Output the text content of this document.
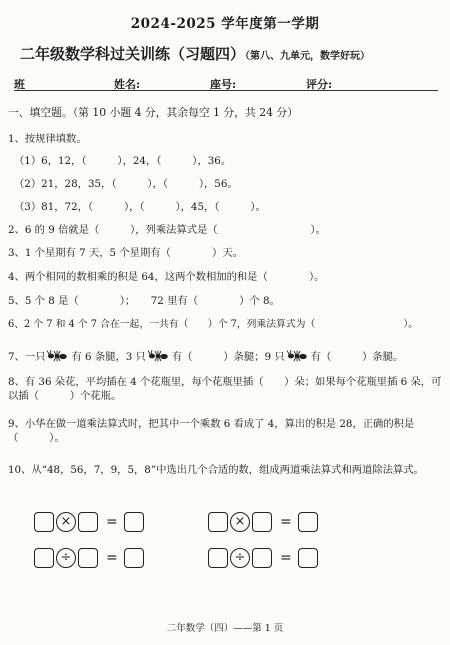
2024-2025 学年度第一学期
二年级数学科过关训练（习题四）（第八、九单元，数学好玩）
班	姓名:	座号:	评分:
一、填空题。（第 10 小题 4 分，其余每空 1 分，共 24 分）
1、按规律填数。
（1）6，12，（　　　），24，（　　　），36。
（2）21，28，35，（　　　），（　　　），56。
（3）81，72，（　　　），（　　　），45，（　　　）。
2、6 的 9 倍就是（　　　），列乘法算式是（　　　　　　　　　）。
3、1 个星期有 7 天，5 个星期有（　　　　）天。
4、两个相同的数相乘的积是 64，这两个数相加的和是（　　　　）。
5、5 个 8 是（　　　　）；　　72 里有（　　　　）个 8。
6、2 个 7 和 4 个 7 合在一起，一共有（　　）个 7，列乘法算式为（　　　　　　　　　）。
7、一只	有 6 条腿，3 只	有（　　　）条腿；9 只	有（　　　）条腿。
8、有 36 朵花，平均插在 4 个花瓶里，每个花瓶里插（　　）朵；如果每个花瓶里插 6 朵，可以插（　　　）个花瓶。
9、小华在做一道乘法算式时，把其中一个乘数 6 看成了 4，算出的积是 28，正确的积是（　　　）。
10、从“48，56，7，9，5，8”中选出几个合适的数，组成两道乘法算式和两道除法算式。
×	=	×	=
÷	=	÷	=
二年数学（四）——第 1 页
